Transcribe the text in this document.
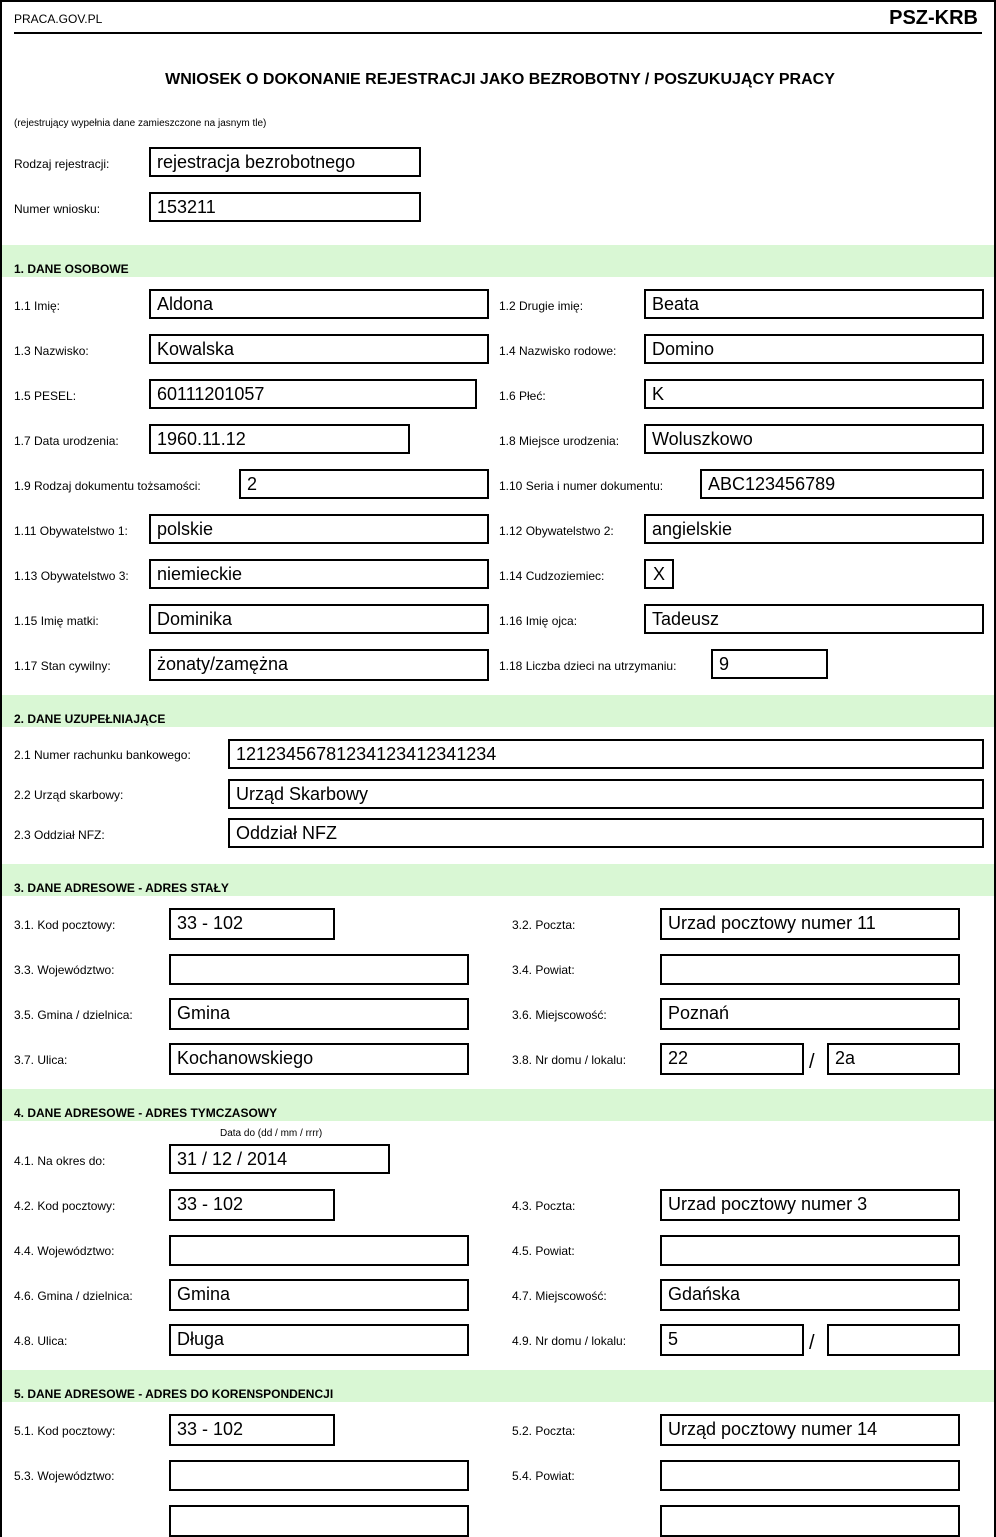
PRACA.GOV.PL	PSZ-KRB
WNIOSEK O DOKONANIE REJESTRACJI JAKO BEZROBOTNY / POSZUKUJĄCY PRACY
(rejestrujący wypełnia dane zamieszczone na jasnym tle)
Rodzaj rejestracji:	rejestracja bezrobotnego
Numer wniosku:	153211
1. DANE OSOBOWE
1.1 Imię:	Aldona	1.2 Drugie imię:	Beata
1.3 Nazwisko:	Kowalska	1.4 Nazwisko rodowe:	Domino
1.5 PESEL:	60111201057	1.6 Płeć:	K
1.7 Data urodzenia:	1960.11.12	1.8 Miejsce urodzenia:	Woluszkowo
1.9 Rodzaj dokumentu tożsamości:	2	1.10 Seria i numer dokumentu:	ABC123456789
1.11 Obywatelstwo 1:	polskie	1.12 Obywatelstwo 2:	angielskie
1.13 Obywatelstwo 3:	niemieckie	1.14 Cudzoziemiec:	X
1.15 Imię matki:	Dominika	1.16 Imię ojca:	Tadeusz
1.17 Stan cywilny:	żonaty/zamężna	1.18 Liczba dzieci na utrzymaniu:	9
2. DANE UZUPEŁNIAJĄCE
2.1 Numer rachunku bankowego:	12123456781234123412341234
2.2 Urząd skarbowy:	Urząd Skarbowy
2.3 Oddział NFZ:	Oddział NFZ
3. DANE ADRESOWE - ADRES STAŁY
3.1. Kod pocztowy:	33 - 102	3.2. Poczta:	Urzad pocztowy numer 11
3.3. Województwo:	3.4. Powiat:
3.5. Gmina / dzielnica:	Gmina	3.6. Miejscowość:	Poznań
3.7. Ulica:	Kochanowskiego	3.8. Nr domu / lokalu:	22	/	2a
4. DANE ADRESOWE - ADRES TYMCZASOWY
Data do (dd / mm / rrrr)
4.1. Na okres do:	31 / 12 / 2014
4.2. Kod pocztowy:	33 - 102	4.3. Poczta:	Urzad pocztowy numer 3
4.4. Województwo:	4.5. Powiat:
4.6. Gmina / dzielnica:	Gmina	4.7. Miejscowość:	Gdańska
4.8. Ulica:	Długa	4.9. Nr domu / lokalu:	5	/
5. DANE ADRESOWE - ADRES DO KORENSPONDENCJI
5.1. Kod pocztowy:	33 - 102	5.2. Poczta:	Urząd pocztowy numer 14
5.3. Województwo:	5.4. Powiat:
